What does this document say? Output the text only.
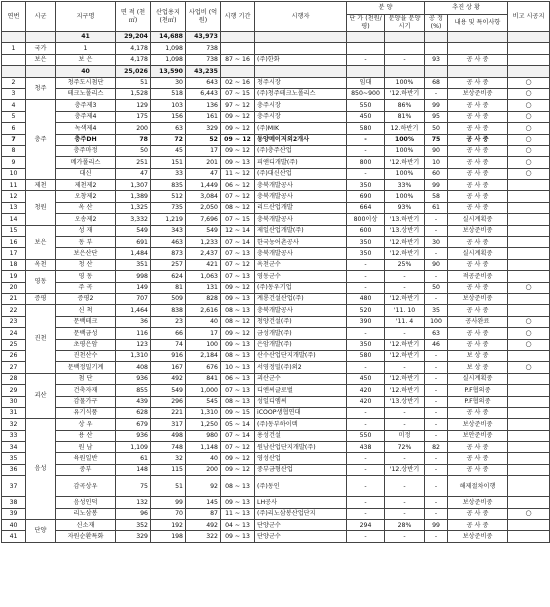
연번	시군	지구명	면 적 (천㎡)	산업용지 (천㎡)	사업비 (억원)	시행 기간	시행자	분 양		추진 상 황		비고 시공지
								단 가 (천원/평)	분양율 분양시기	공 정 (%)	내용 및 특이사항	
		41	29,204	14,688	43,973							
1	국가	1	4,178	1,098	738							
	보은	보 은	4,178	1,098	738	87 ~ 16	(주)한화	-	-	93	공 사 중	
		40	25,026	13,590	43,235							
2	청주	청주도시첨단	51	30	643	02 ~ 16	청주시장	임대	100%	68	공 사 중	○
3		테크노폴리스	1,528	518	6,443	07 ~ 15	(주)청주테크노폴리스	850~900	'12.하반기	-	보상준비중	○
4	충주	충주제3	129	103	136	97 ~ 12	충주시장	550	86%	99	공 사 중	○
5		충주제4	175	156	161	09 ~ 12	충주시장	450	81%	95	공 사 중	○
6		녹색제4	200	63	329	09 ~ 12	(주)MIK	580	12.하반기	50	공 사 중	○
7		충주DH	78	72	52	09 ~ 12	동양메이저외2개사	-	100%	75	공 사 중	○
8		충주마정	50	45	17	09 ~ 12	(주)충주산업	-	100%	90	공 사 중	○
9		메가폴리스	251	151	201	09 ~ 13	피앤디개발(주)	800	'12.하반기	10	공 사 중	○
10		대신	47	33	47	11 ~ 12	(주)대신산업	-	100%	60	공 사 중	○
11	제천	제천제2	1,307	835	1,449	06 ~ 12	충북개발공사	350	33%	99	공 사 중	
12	청원	오창제2	1,389	512	3,084	07 ~ 12	충북개발공사	690	100%	58	공 사 중	
13		옥 산	1,325	735	2,050	08 ~ 12	리드산업개발	664	93%	61	공 사 중	
14		오송제2	3,332	1,219	7,696	07 ~ 15	충북개발공사	800이상	'13.하반기	-	실시계획중	
15	보은	성 재	549	343	549	12 ~ 14	제일산업개발(주)	600	'13.상반기	-	보상준비중	
16		동 부	691	463	1,233	07 ~ 14	한국농어촌공사	350	'12.하반기	30	공 사 중	
17		보은산단	1,484	873	2,437	07 ~ 13	충북개발공사	350	'12.하반기	-	실시계획중	
18	옥천	청 산	351	257	421	07 ~ 12	옥천군수	-	25%	90	공 사 중	
19	영동	영 동	998	624	1,063	07 ~ 13	영동군수	-	-	-	적공준비중	
20		주 곡	149	81	131	09 ~ 12	(주)동우기업	-	-	50	공 사 중	○
21	증평	증평2	707	509	828	09 ~ 13	계룡건설산업(주)	480	'12.하반기	-	보상준비중	
22	진천	신 척	1,464	838	2,616	08 ~ 13	충북개발공사	520	'11. 10	35	공 사 중	
23		문백테크	36	23	40	08 ~ 12	청양건설(주)	390	'11. 4	100	공사완료	○
24		문백금성	116	66	17	09 ~ 12	금성개발(주)	-	-	63	공 사 중	○
25		초평은암	123	74	100	09 ~ 13	은암개발(주)	350	'12.하반기	46	공 사 중	○
26		진천산수	1,310	916	2,184	08 ~ 13	산수산업단지개발(주)	580	'12.하반기	-	보 상 중	
27		문백정밀기계	408	167	676	10 ~ 13	서영정밀(주)외2	-	-	-	보 상 중	○
28	괴산	첨 단	936	492	841	06 ~ 13	괴산군수	450	'12.하반기	-	실시계획중	
29		건축자재	855	549	1,000	07 ~ 13	디엔씨글로벌	420	'12.하반기	-	P.F협의중	
30		감물가구	439	296	545	08 ~ 13	성일디엠씨	420	'13.상반기	-	P.F협의중	
31		유기식품	628	221	1,310	09 ~ 15	iCOOP생협연대	-	-	-	공 사 중	
32	음성	상 우	679	317	1,250	05 ~ 14	(주)동부하이텍	-	-	-	보상준비중	
33		용 산	936	498	980	07 ~ 14	용성건설	550	미정	-	보안준비중	
34		원 남	1,109	748	1,148	07 ~ 12	원남산업단지개발(주)	438	72%	82	공 사 중	
35		육원일반	61	32	40	09 ~ 12	영성산업	-	-	-	공 사 중	
36		중부	148	115	200	09 ~ 12	중부금형산업	-	'12.상반기	-	공 사 중	
37		감곡상우	75	51	92	08 ~ 13	(주)동인	-	-	-	해제절차이행	
38		음성인덕	132	99	145	09 ~ 13	LH공사	-	-	-	보상준비중	
39		리노삼봉	96	70	87	11 ~ 13	(주)리노삼봉산업단지	-	-	-	공 사 중	○
40	단양	신소재	352	192	492	04 ~ 13	단양군수	294	28%	99	공 사 중	
41		자원순환특화	329	198	322	09 ~ 13	단양군수	-	-	-	보상준비중	
